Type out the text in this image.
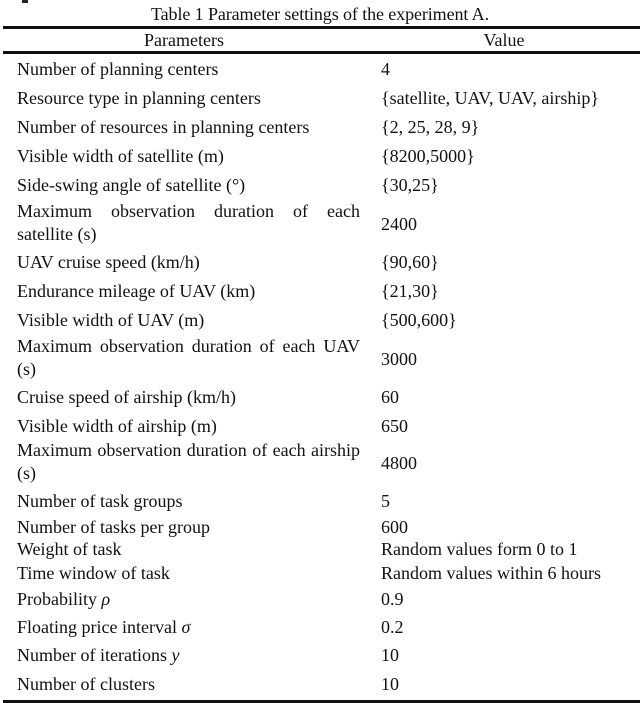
Table 1 Parameter settings of the experiment A.
Parameters	Value
Number of planning centers	4
Resource type in planning centers	{satellite, UAV, UAV, airship}
Number of resources in planning centers	{2, 25, 28, 9}
Visible width of satellite (m)	{8200,5000}
Side-swing angle of satellite (°)	{30,25}
Maximum observation duration of each satellite (s)	2400
UAV cruise speed (km/h)	{90,60}
Endurance mileage of UAV (km)	{21,30}
Visible width of UAV (m)	{500,600}
Maximum observation duration of each UAV (s)	3000
Cruise speed of airship (km/h)	60
Visible width of airship (m)	650
Maximum observation duration of each airship (s)	4800
Number of task groups	5
Number of tasks per group	600
Weight of task	Random values form 0 to 1
Time window of task	Random values within 6 hours
Probability ρ	0.9
Floating price interval σ	0.2
Number of iterations y	10
Number of clusters	10
